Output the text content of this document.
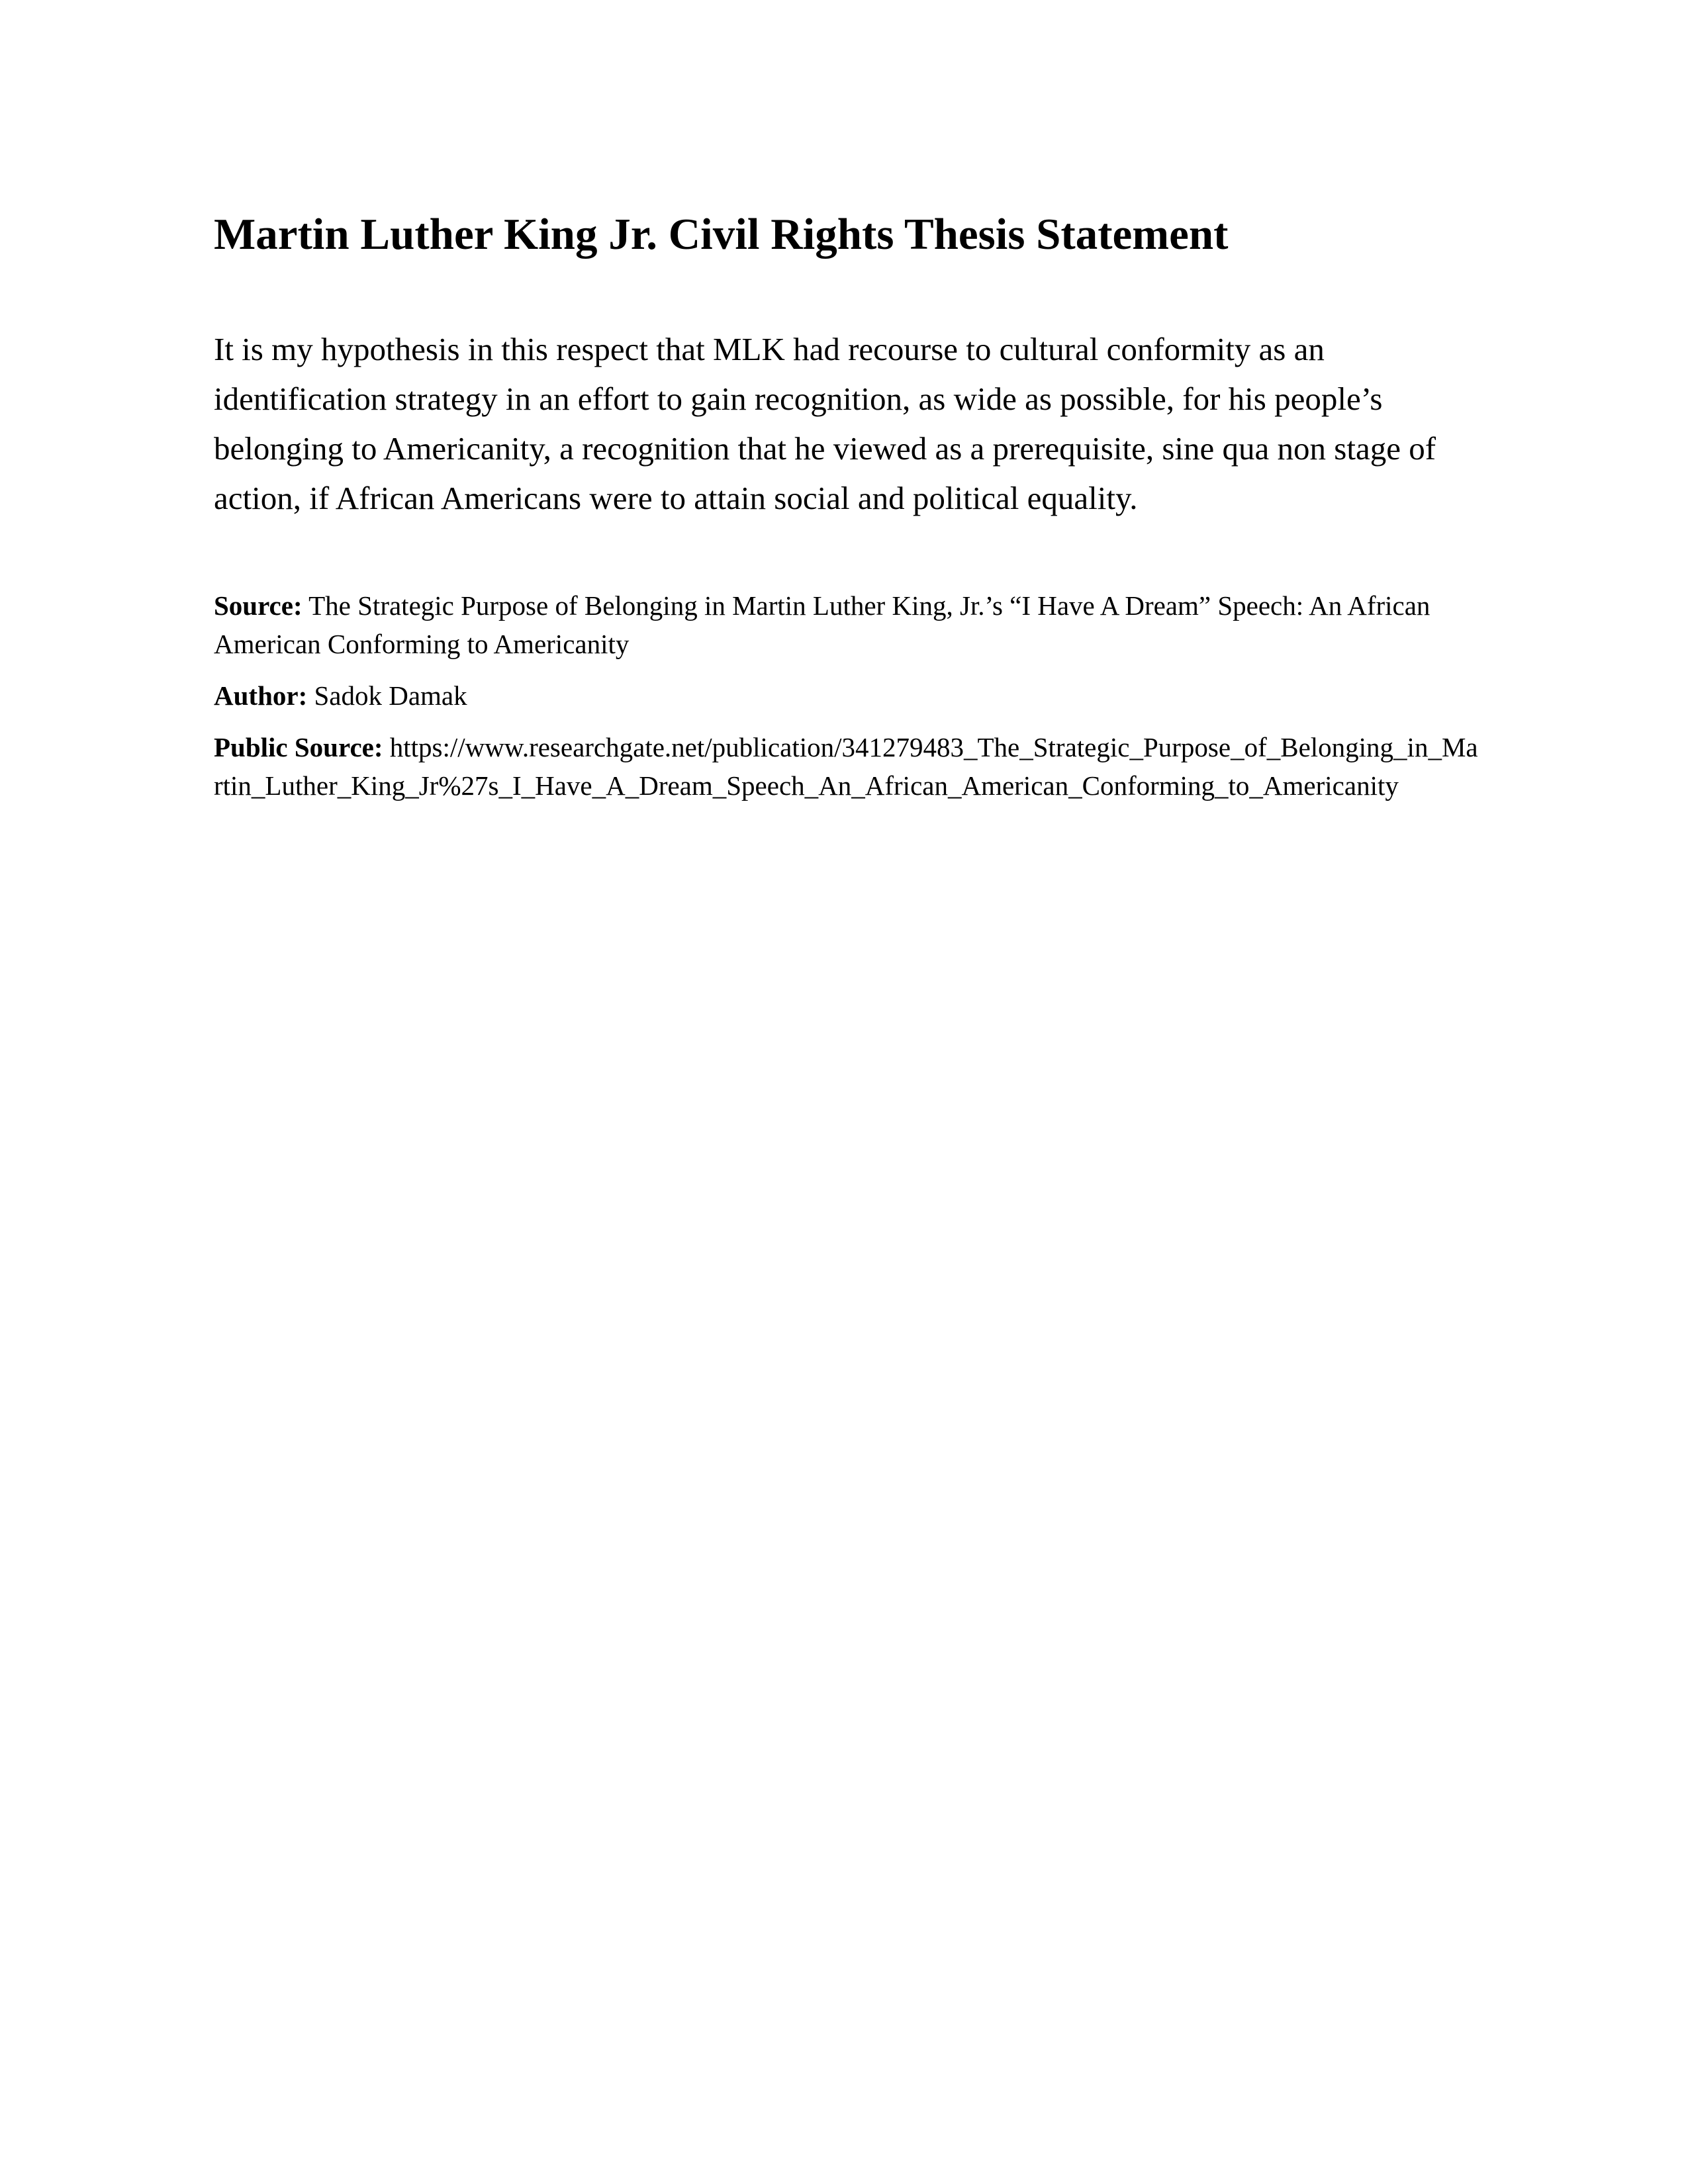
Martin Luther King Jr. Civil Rights Thesis Statement

It is my hypothesis in this respect that MLK had recourse to cultural conformity as an identification strategy in an effort to gain recognition, as wide as possible, for his people’s belonging to Americanity, a recognition that he viewed as a prerequisite, sine qua non stage of action, if African Americans were to attain social and political equality.

Source: The Strategic Purpose of Belonging in Martin Luther King, Jr.’s “I Have A Dream” Speech: An African American Conforming to Americanity

Author: Sadok Damak

Public Source: https://www.researchgate.net/publication/341279483_The_Strategic_Purpose_of_Belonging_in_Martin_Luther_King_Jr%27s_I_Have_A_Dream_Speech_An_African_American_Conforming_to_Americanity
